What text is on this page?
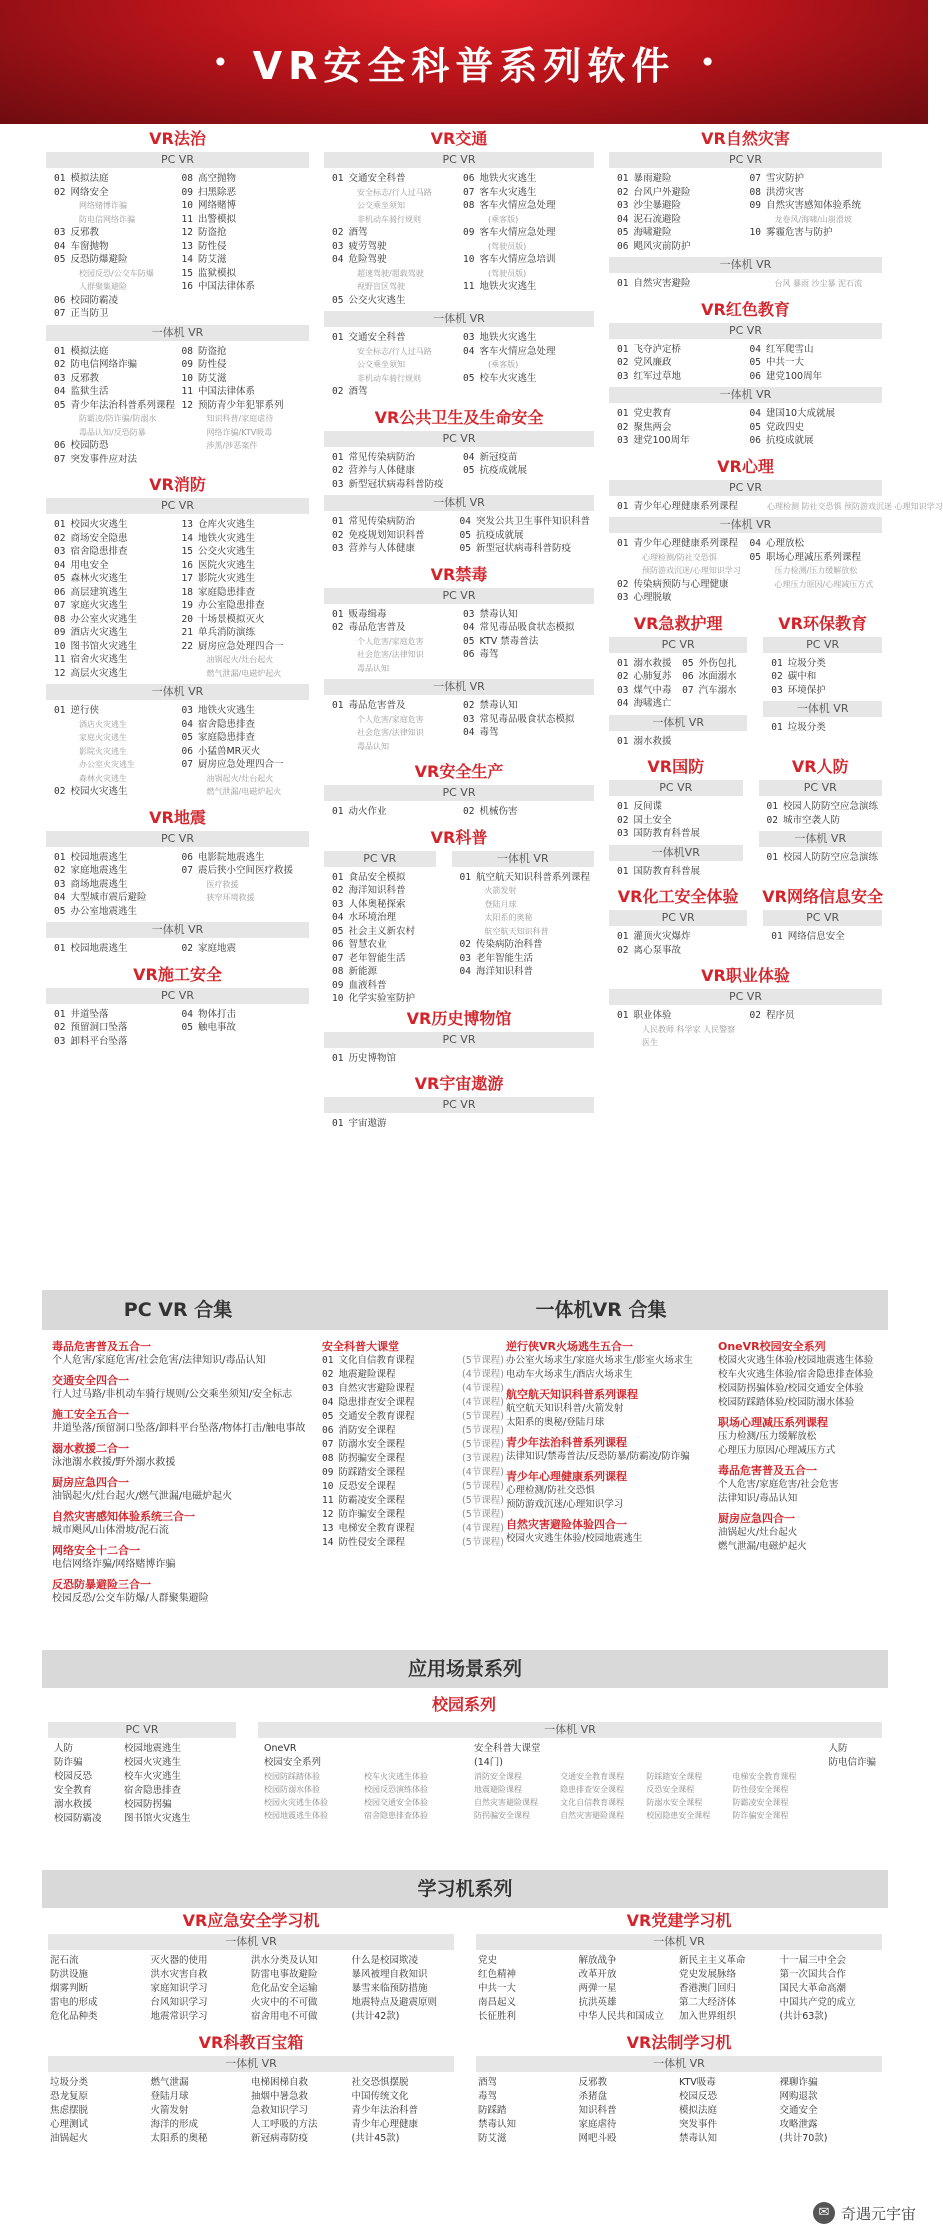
• VR安全科普系列软件 •
VR法治
PC VR
01 模拟法庭	08 高空抛物
02 网络安全	09 扫黑除恶
网络赌博诈骗	10 网络赌博
防电信网络诈骗	11 出警模拟
03 反邪教	12 防盗抢
04 车窗抛物	13 防性侵
05 反恐防爆避险	14 防艾滋
校园反恐/公交车防爆	15 监狱模拟
人群聚集避险	16 中国法律体系
06 校园防霸凌
07 正当防卫
一体机 VR
01 模拟法庭	08 防盗抢
02 防电信网络诈骗	09 防性侵
03 反邪教	10 防艾滋
04 监狱生活	11 中国法律体系
05 青少年法治科普系列课程 12 预防青少年犯罪系列
防霸凌/防诈骗/防溺水	知识科普/家庭虐待
毒品认知/反恐防暴	网络诈骗/KTV吸毒
06 校园防恐	涉黑/涉恶案件
07 突发事件应对法
VR消防
PC VR
01 校园火灾逃生	13 仓库火灾逃生
02 商场安全隐患	14 地铁火灾逃生
03 宿舍隐患排查	15 公交火灾逃生
04 用电安全	16 医院火灾逃生
05 森林火灾逃生	17 影院火灾逃生
06 高层建筑逃生	18 家庭隐患排查
07 家庭火灾逃生	19 办公室隐患排查
08 办公室火灾逃生	20 十场景模拟灭火
09 酒店火灾逃生	21 单兵消防演练
10 图书馆火灾逃生	22 厨房应急处理四合一
11 宿舍火灾逃生	油锅起火/灶台起火
12 高层火灾逃生	燃气泄漏/电磁炉起火
一体机 VR
01 逆行侠	03 地铁火灾逃生
酒店火灾逃生	04 宿舍隐患排查
家庭火灾逃生	05 家庭隐患排查
影院火灾逃生	06 小猛兽MR灭火
办公室火灾逃生	07 厨房应急处理四合一
森林火灾逃生	油锅起火/灶台起火
02 校园火灾逃生	燃气泄漏/电磁炉起火
VR地震
PC VR
01 校园地震逃生	06 电影院地震逃生
02 家庭地震逃生	07 震后狭小空间医疗救援
03 商场地震逃生	医疗救援
04 大型城市震后避险	狭窄环境救援
05 办公室地震逃生
一体机 VR
01 校园地震逃生	02 家庭地震
VR施工安全
PC VR
01 井道坠落	04 物体打击
02 预留洞口坠落	05 触电事故
03 卸料平台坠落
VR交通
PC VR
01 交通安全科普	06 地铁火灾逃生
安全标志/行人过马路	07 客车火灾逃生
公交乘坐须知	08 客车火情应急处理
非机动车骑行规则	(乘客版)
02 酒驾	09 客车火情应急处理
03 疲劳驾驶	(驾驶员版)
04 危险驾驶	10 客车火情应急培训
超速驾驶/超载驾驶	(驾驶员版)
视野盲区驾驶	11 地铁火灾逃生
05 公交火灾逃生
一体机 VR
01 交通安全科普	03 地铁火灾逃生
安全标志/行人过马路	04 客车火情应急处理
公交乘坐须知	(乘客版)
非机动车骑行规则	05 校车火灾逃生
02 酒驾
VR公共卫生及生命安全
PC VR
01 常见传染病防治	04 新冠疫苗
02 营养与人体健康	05 抗疫成就展
03 新型冠状病毒科普防疫
一体机 VR
01 常见传染病防治	04 突发公共卫生事件知识科普
02 免疫规划知识科普	05 抗疫成就展
03 营养与人体健康	05 新型冠状病毒科普防疫
VR禁毒
PC VR
01 贩毒缉毒	03 禁毒认知
02 毒品危害普及	04 常见毒品吸食状态模拟
个人危害/家庭危害	05 KTV 禁毒普法
社会危害/法律知识	06 毒驾
毒品认知
一体机 VR
01 毒品危害普及	02 禁毒认知
个人危害/家庭危害	03 常见毒品吸食状态模拟
社会危害/法律知识	04 毒驾
毒品认知
VR安全生产
PC VR
01 动火作业	02 机械伤害
VR科普
PC VR
01 食品安全模拟
02 海洋知识科普
03 人体奥秘探索
04 水环境治理
05 社会主义新农村
06 智慧农业
07 老年智能生活
08 新能源
09 血液科普
10 化学实验室防护
一体机 VR
01 航空航天知识科普系列课程
火箭发射
登陆月球
太阳系的奥秘
航空航天知识科普
02 传染病防治科普
03 老年智能生活
04 海洋知识科普
VR历史博物馆
PC VR
01 历史博物馆
VR宇宙遨游
PC VR
01 宇宙遨游
VR自然灾害
PC VR
01 暴雨避险	07 雪灾防护
02 台风户外避险	08 洪涝灾害
03 沙尘暴避险	09 自然灾害感知体验系统
04 泥石流避险	龙卷风/海啸/山崩滑坡
05 海啸避险	10 雾霾危害与防护
06 飓风灾前防护
一体机 VR
01 自然灾害避险	台风 暴雨 沙尘暴 泥石流
VR红色教育
PC VR
01 飞夺泸定桥	04 红军爬雪山
02 党风廉政	05 中共一大
03 红军过草地	06 建党100周年
一体机 VR
01 党史教育	04 建国10大成就展
02 聚焦两会	05 党政四史
03 建党100周年	06 抗疫成就展
VR心理
PC VR
01 青少年心理健康系列课程	心理检测 防社交恐惧 预防游戏沉迷 心理知识学习
一体机 VR
01 青少年心理健康系列课程	04 心理放松
心理检测/防社交恐惧	05 职场心理减压系列课程
预防游戏沉迷/心理知识学习	压力检测/压力缓解放松
02 传染病预防与心理健康	心理压力原因/心理减压方式
03 心理脱敏
VR急救护理
PC VR
01 溺水救援	05 外伤包扎
02 心肺复苏	06 冰面溺水
03 煤气中毒	07 汽车溺水
04 海啸逃亡
一体机 VR
01 溺水救援
VR环保教育
PC VR
01 垃圾分类
02 碳中和
03 环境保护
一体机 VR
01 垃圾分类
VR国防
PC VR
01 反间谍
02 国土安全
03 国防教育科普展
一体机VR
01 国防教育科普展
VR人防
PC VR
01 校园人防防空应急演练
02 城市空袭人防
一体机 VR
01 校园人防防空应急演练
VR化工安全体验
PC VR
01 灌顶火灾爆炸
02 离心泵事故
VR网络信息安全
PC VR
01 网络信息安全
VR职业体验
PC VR
01 职业体验	02 程序员
人民教师 科学家 人民警察
医生
PC VR 合集	一体机VR 合集
毒品危害普及五合一
个人危害/家庭危害/社会危害/法律知识/毒品认知
交通安全四合一
行人过马路/非机动车骑行规则/公交乘坐须知/安全标志
施工安全五合一
井道坠落/预留洞口坠落/卸料平台坠落/物体打击/触电事故
溺水救援二合一
泳池溺水救援/野外溺水救援
厨房应急四合一
油锅起火/灶台起火/燃气泄漏/电磁炉起火
自然灾害感知体验系统三合一
城市飓风/山体滑坡/泥石流
网络安全十二合一
电信网络诈骗/网络赌博诈骗
反恐防暴避险三合一
校园反恐/公交车防爆/人群聚集避险
安全科普大课堂
01 文化自信教育课程	(5节课程)
02 地震避险课程	(4节课程)
03 自然灾害避险课程	(4节课程)
04 隐患排查安全课程	(4节课程)
05 交通安全教育课程	(5节课程)
06 消防安全课程	(5节课程)
07 防溺水安全课程	(5节课程)
08 防拐骗安全课程	(3节课程)
09 防踩踏安全课程	(4节课程)
10 反恐安全课程	(5节课程)
11 防霸凌安全课程	(5节课程)
12 防诈骗安全课程	(5节课程)
13 电梯安全教育课程	(4节课程)
14 防性侵安全课程	(5节课程)
逆行侠VR火场逃生五合一
办公室火场求生/家庭火场求生/影室火场求生
电动车火场求生/酒店火场求生
航空航天知识科普系列课程
航空航天知识科普/火箭发射
太阳系的奥秘/登陆月球
青少年法治科普系列课程
法律知识/禁毒普法/反恐防暴/防霸凌/防诈骗
青少年心理健康系列课程
心理检测/防社交恐惧
预防游戏沉迷/心理知识学习
自然灾害避险体验四合一
校园火灾逃生体验/校园地震逃生
OneVR校园安全系列
校园火灾逃生体验/校园地震逃生体验
校车火灾逃生体验/宿舍隐患排查体验
校园防拐骗体验/校园交通安全体验
校园防踩踏体验/校园防溺水体验
职场心理减压系列课程
压力检测/压力缓解放松
心理压力原因/心理减压方式
毒品危害普及五合一
个人危害/家庭危害/社会危害
法律知识/毒品认知
厨房应急四合一
油锅起火/灶台起火
燃气泄漏/电磁炉起火
应用场景系列
校园系列
PC VR
人防	校园地震逃生
防诈骗	校园火灾逃生
校园反恐	校车火灾逃生
安全教育	宿舍隐患排查
溺水救援	校园防拐骗
校园防霸凌	图书馆火灾逃生
一体机 VR
OneVR
校园安全系列
校园防踩踏体验	校车火灾逃生体验
校园防溺水体验	校园反恐演练体验
校园火灾逃生体验	校园交通安全体验
校园地震逃生体验	宿舍隐患排查体验
安全科普大课堂
(14门)
消防安全课程	交通安全教育课程	防踩踏安全课程	电梯安全教育课程
地震避险课程	隐患排查安全课程	反恐安全课程	防性侵安全课程
自然灾害避险课程	文化自信教育课程	防溺水安全课程	防霸凌安全课程
防拐骗安全课程	自然灾害避险课程	校园隐患安全课程	防诈骗安全课程
人防
防电信诈骗
学习机系列
VR应急安全学习机
一体机 VR
泥石流	灭火器的使用	洪水分类及认知	什么是校园欺凌
防洪设施	洪水灾害自救	防雷电事故避险	暴风被埋自救知识
烟雾判断	家庭知识学习	危化品安全运输	暴雪来临预防措施
雷电的形成	台风知识学习	火灾中的不可做	地震特点及避震原则
危化品种类	地震常识学习	宿舍用电不可做	(共计42款)
VR党建学习机
一体机 VR
党史	解放战争	新民主主义革命	十一届三中全会
红色精神	改革开放	党史发展脉络	第一次国共合作
中共一大	两弹一星	香港澳门回归	国民大革命高潮
南昌起义	抗洪英雄	第二大经济体	中国共产党的成立
长征胜利	中华人民共和国成立	加入世界组织	(共计63款)
VR科教百宝箱
一体机 VR
垃圾分类	燃气泄漏	电梯困梯自救	社交恐惧摆脱
恐龙复原	登陆月球	抽烟中暑急救	中国传统文化
焦虑摆脱	火箭发射	急救知识学习	青少年法治科普
心理测试	海洋的形成	人工呼吸的方法	青少年心理健康
油锅起火	太阳系的奥秘	新冠病毒防疫	(共计45款)
VR法制学习机
一体机 VR
酒驾	反邪教	KTV吸毒	裸聊诈骗
毒驾	杀猪盘	校园反恐	网购退款
防踩踏	知识科普	模拟法庭	交通安全
禁毒认知	家庭虐待	突发事件	攻略泄露
防艾滋	网吧斗殴	禁毒认知	(共计70款)
✉ 奇遇元宇宙
